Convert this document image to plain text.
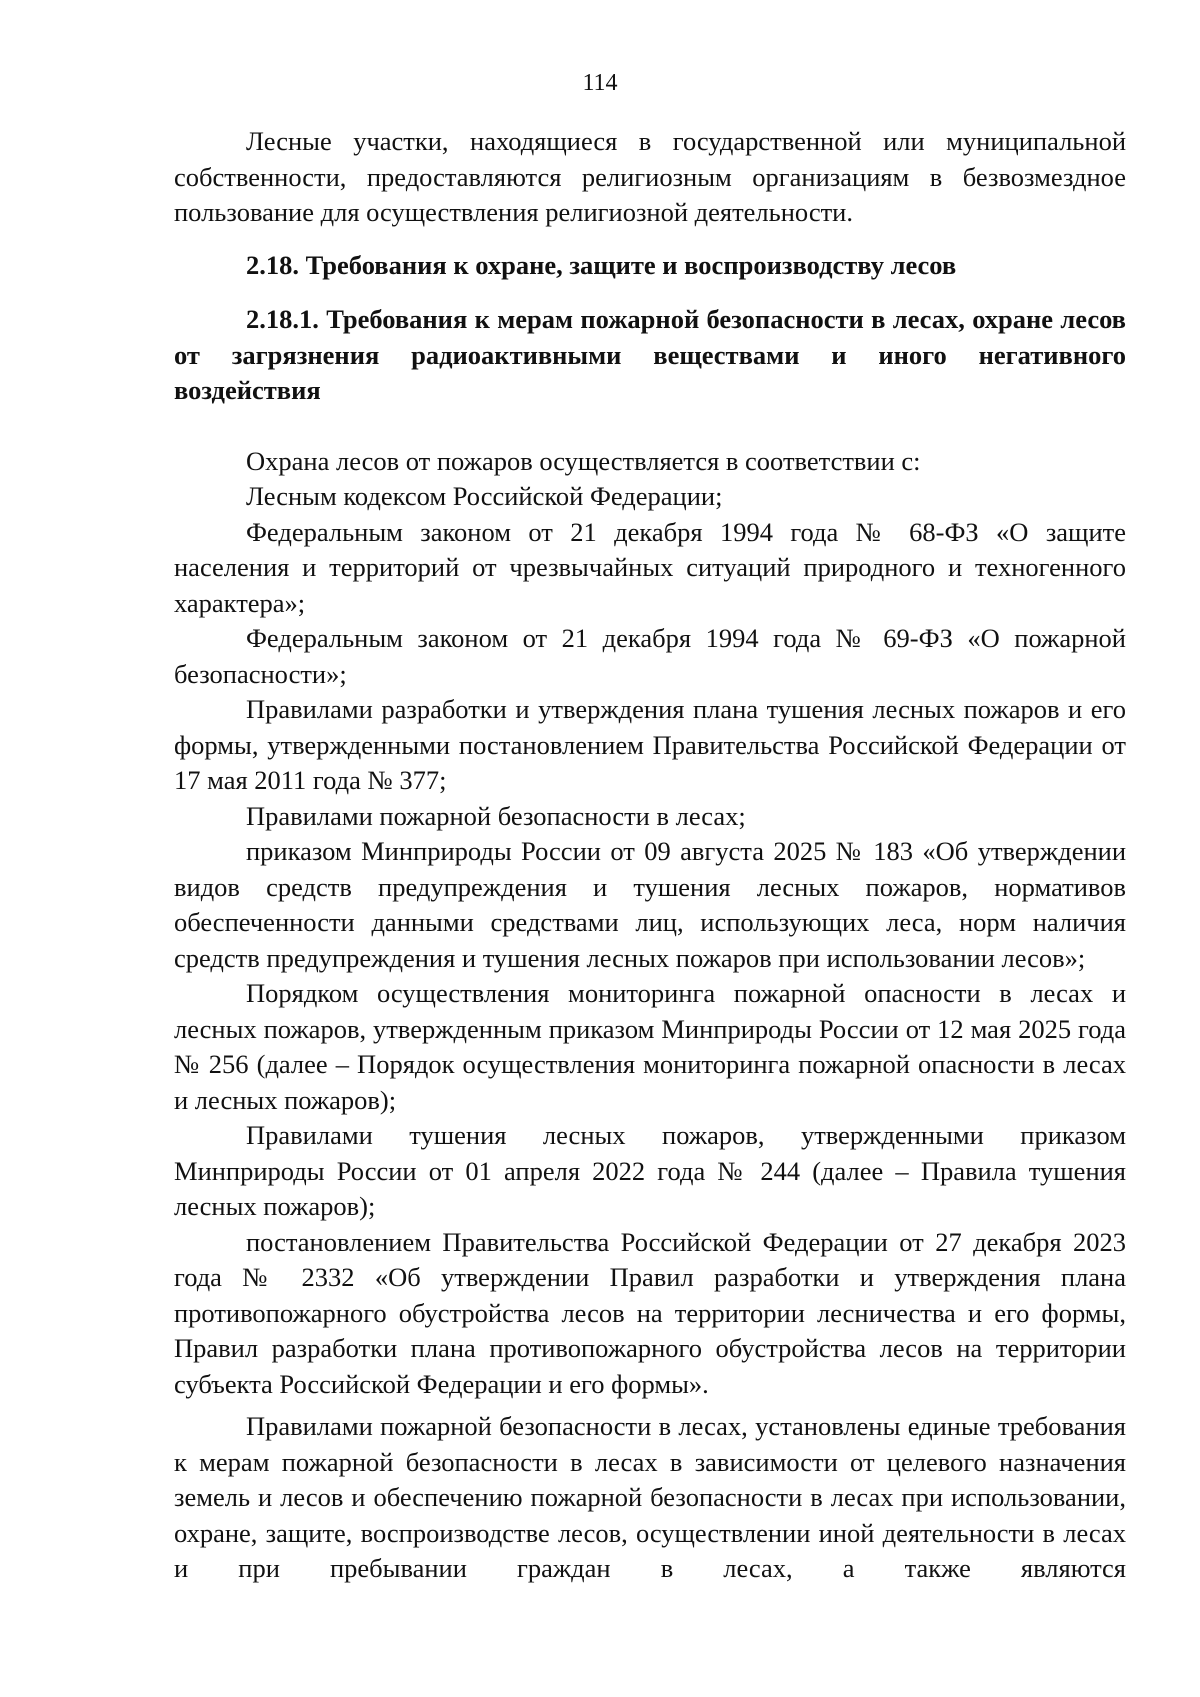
114

Лесные участки, находящиеся в государственной или муниципальной собственности, предоставляются религиозным организациям в безвозмездное пользование для осуществления религиозной деятельности.

2.18. Требования к охране, защите и воспроизводству лесов

2.18.1. Требования к мерам пожарной безопасности в лесах, охране лесов от загрязнения радиоактивными веществами и иного негативного воздействия

Охрана лесов от пожаров осуществляется в соответствии с:

Лесным кодексом Российской Федерации;

Федеральным законом от 21 декабря 1994 года № 68-ФЗ «О защите населения и территорий от чрезвычайных ситуаций природного и техногенного характера»;

Федеральным законом от 21 декабря 1994 года № 69-ФЗ «О пожарной безопасности»;

Правилами разработки и утверждения плана тушения лесных пожаров и его формы, утвержденными постановлением Правительства Российской Федерации от 17 мая 2011 года № 377;

Правилами пожарной безопасности в лесах;

приказом Минприроды России от 09 августа 2025 № 183 «Об утверждении видов средств предупреждения и тушения лесных пожаров, нормативов обеспеченности данными средствами лиц, использующих леса, норм наличия средств предупреждения и тушения лесных пожаров при использовании лесов»;

Порядком осуществления мониторинга пожарной опасности в лесах и лесных пожаров, утвержденным приказом Минприроды России от 12 мая 2025 года № 256 (далее – Порядок осуществления мониторинга пожарной опасности в лесах и лесных пожаров);

Правилами тушения лесных пожаров, утвержденными приказом Минприроды России от 01 апреля 2022 года № 244 (далее – Правила тушения лесных пожаров);

постановлением Правительства Российской Федерации от 27 декабря 2023 года № 2332 «Об утверждении Правил разработки и утверждения плана противопожарного обустройства лесов на территории лесничества и его формы, Правил разработки плана противопожарного обустройства лесов на территории субъекта Российской Федерации и его формы».

Правилами пожарной безопасности в лесах, установлены единые требования к мерам пожарной безопасности в лесах в зависимости от целевого назначения земель и лесов и обеспечению пожарной безопасности в лесах при использовании, охране, защите, воспроизводстве лесов, осуществлении иной деятельности в лесах и при пребывании граждан в лесах, а также являются
